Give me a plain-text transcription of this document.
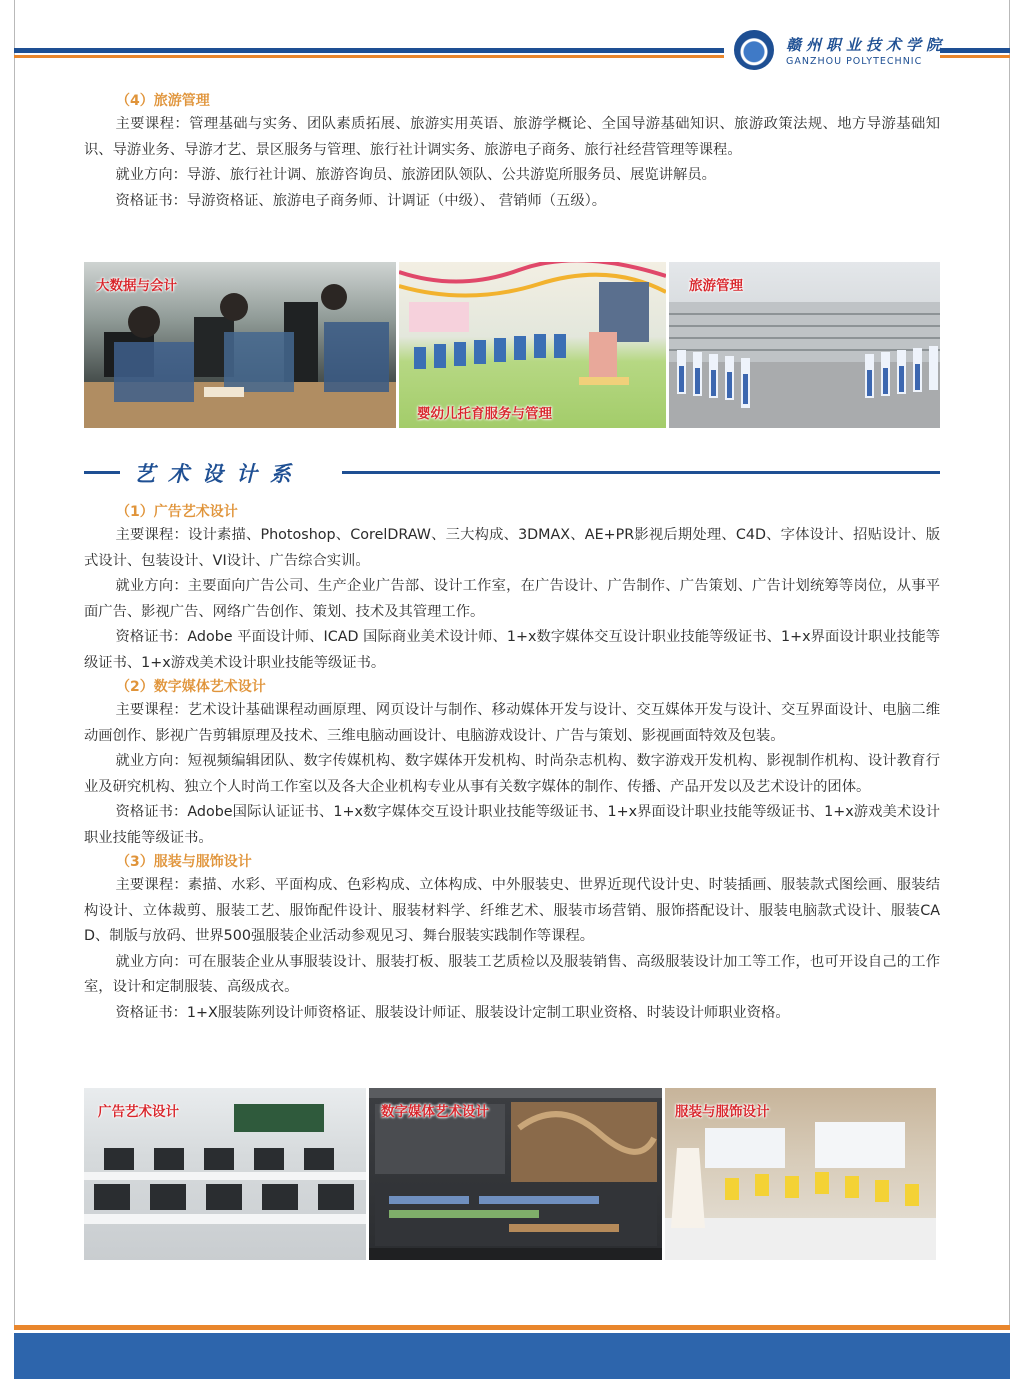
赣州职业技术学院
GANZHOU POLYTECHNIC

（4）旅游管理

主要课程：管理基础与实务、团队素质拓展、旅游实用英语、旅游学概论、全国导游基础知识、旅游政策法规、地方导游基础知识、导游业务、导游才艺、景区服务与管理、旅行社计调实务、旅游电子商务、旅行社经营管理等课程。

就业方向：导游、旅行社计调、旅游咨询员、旅游团队领队、公共游览所服务员、展览讲解员。

资格证书：导游资格证、旅游电子商务师、计调证（中级）、 营销师（五级）。

大数据与会计
婴幼儿托育服务与管理
旅游管理
艺术设计系

（1）广告艺术设计

主要课程：设计素描、Photoshop、CorelDRAW、三大构成、3DMAX、AE+PR影视后期处理、C4D、字体设计、招贴设计、版式设计、包装设计、VI设计、广告综合实训。

就业方向：主要面向广告公司、生产企业广告部、设计工作室，在广告设计、广告制作、广告策划、广告计划统筹等岗位，从事平面广告、影视广告、网络广告创作、策划、技术及其管理工作。

资格证书：Adobe 平面设计师、ICAD 国际商业美术设计师、1+x数字媒体交互设计职业技能等级证书、1+x界面设计职业技能等级证书、1+x游戏美术设计职业技能等级证书。

（2）数字媒体艺术设计

主要课程：艺术设计基础课程动画原理、网页设计与制作、移动媒体开发与设计、交互媒体开发与设计、交互界面设计、电脑二维动画创作、影视广告剪辑原理及技术、三维电脑动画设计、电脑游戏设计、广告与策划、影视画面特效及包装。

就业方向：短视频编辑团队、数字传媒机构、数字媒体开发机构、时尚杂志机构、数字游戏开发机构、影视制作机构、设计教育行业及研究机构、独立个人时尚工作室以及各大企业机构专业从事有关数字媒体的制作、传播、产品开发以及艺术设计的团体。

资格证书：Adobe国际认证证书、1+x数字媒体交互设计职业技能等级证书、1+x界面设计职业技能等级证书、1+x游戏美术设计职业技能等级证书。

（3）服装与服饰设计

主要课程：素描、水彩、平面构成、色彩构成、立体构成、中外服装史、世界近现代设计史、时装插画、服装款式图绘画、服装结构设计、立体裁剪、服装工艺、服饰配件设计、服装材料学、纤维艺术、服装市场营销、服饰搭配设计、服装电脑款式设计、服装CAD、制版与放码、世界500强服装企业活动参观见习、舞台服装实践制作等课程。

就业方向：可在服装企业从事服装设计、服装打板、服装工艺质检以及服装销售、高级服装设计加工等工作，也可开设自己的工作室，设计和定制服装、高级成衣。

资格证书：1+X服装陈列设计师资格证、服装设计师证、服装设计定制工职业资格、时装设计师职业资格。

广告艺术设计	数字媒体艺术设计	服装与服饰设计
